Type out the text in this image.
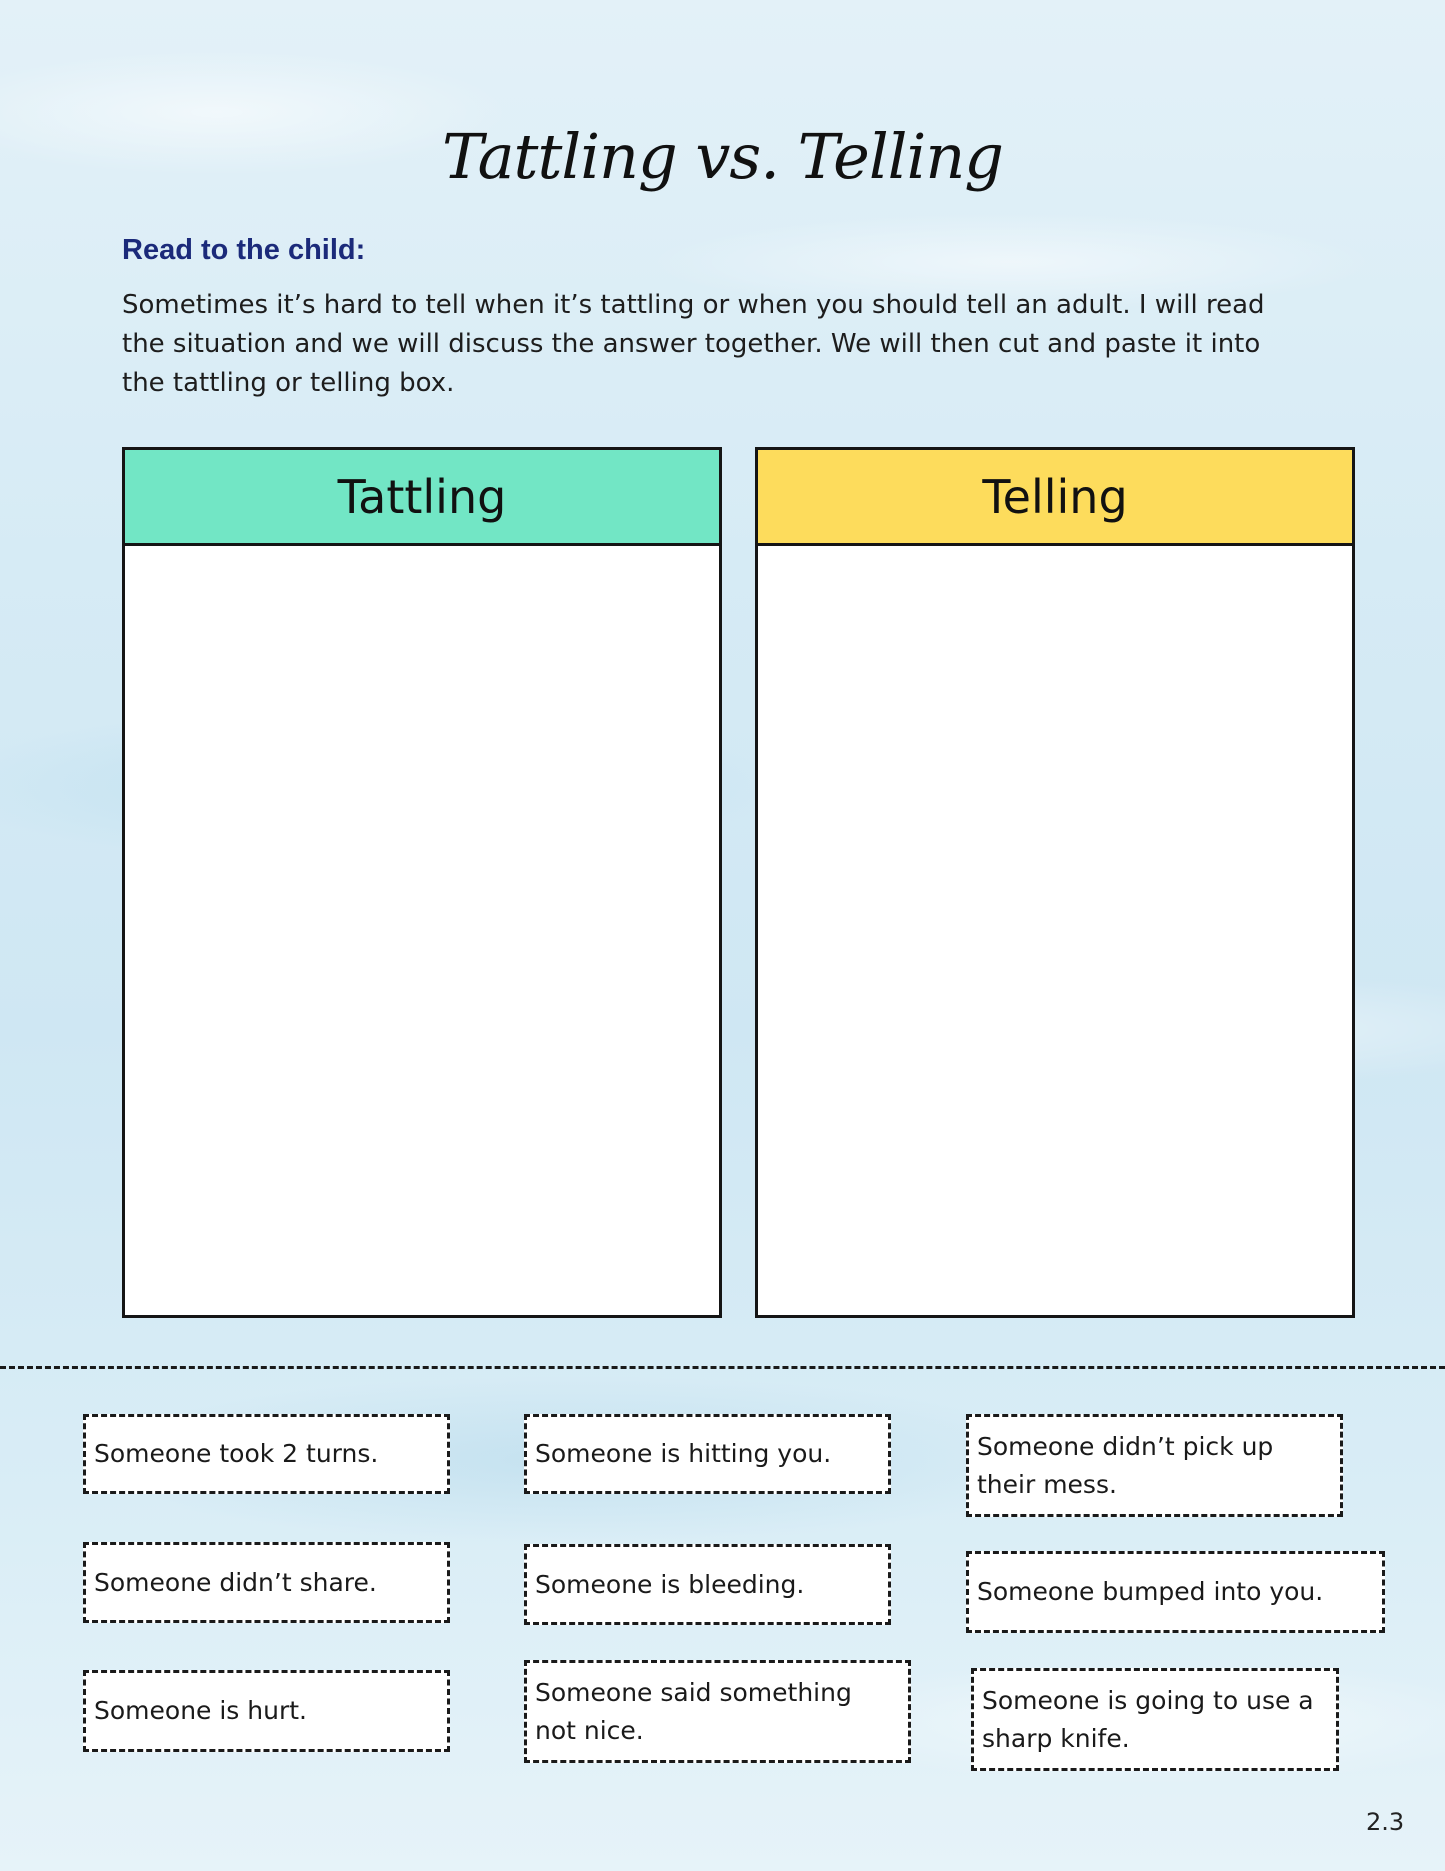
Tattling vs. Telling
Read to the child:
Sometimes it’s hard to tell when it’s tattling or when you should tell an adult. I will read the situation and we will discuss the answer together. We will then cut and paste it into the tattling or telling box.
Tattling	Telling
Someone took 2 turns.	Someone is hitting you.	Someone didn’t pick up their mess.
Someone didn’t share.	Someone is bleeding.	Someone bumped into you.
Someone is hurt.
Someone said something not nice.
Someone is going to use a sharp knife.
2.3
